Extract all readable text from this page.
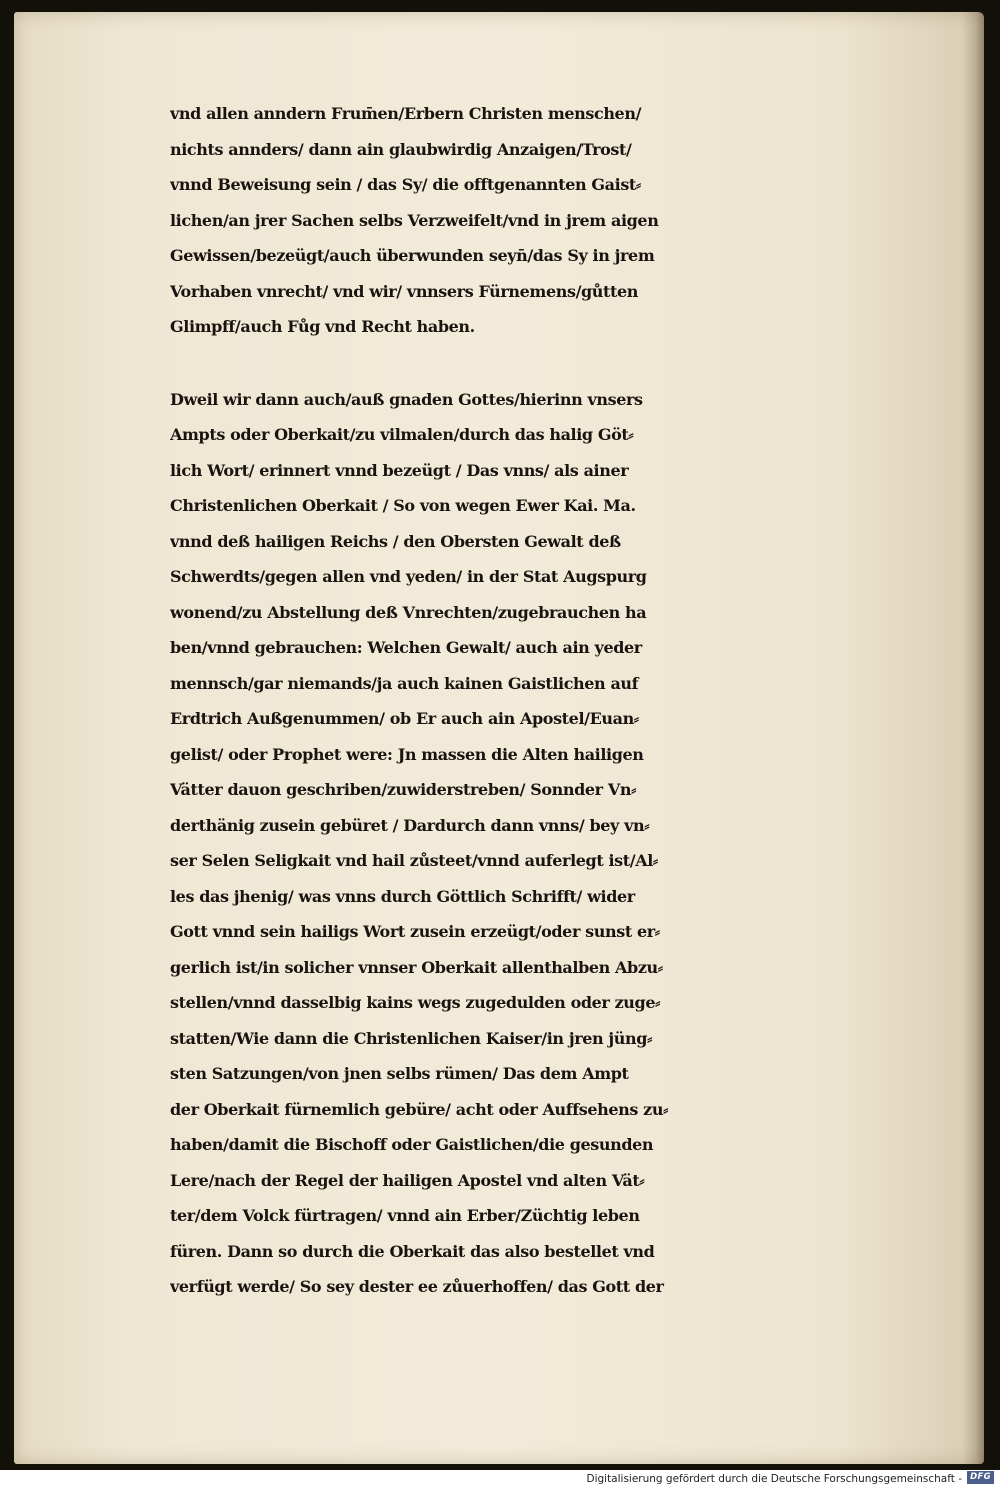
vnd allen anndern Frum̄en/Erbern Christen menschen/
nichts annders/ dann ain glaubwirdig Anzaigen/Trost/
vnnd Beweisung sein / das Sy/ die offtgenannten Gaist⸗
lichen/an jrer Sachen selbs Verzweifelt/vnd in jrem aigen
Gewissen/bezeügt/auch überwunden seyn̄/das Sy in jrem
Vorhaben vnrecht/ vnd wir/ vnnsers Fürnemens/gůtten
Glimpff/auch Fůg vnd Recht haben.
Dweil wir dann auch/auß gnaden Gottes/hierinn vnsers
Ampts oder Oberkait/zu vilmalen/durch das halig Göt⸗
lich Wort/ erinnert vnnd bezeügt / Das vnns/ als ainer
Christenlichen Oberkait / So von wegen Ewer Kai. Ma.
vnnd deß hailigen Reichs / den Obersten Gewalt deß
Schwerdts/gegen allen vnd yeden/ in der Stat Augspurg
wonend/zu Abstellung deß Vnrechten/zugebrauchen ha
ben/vnnd gebrauchen: Welchen Gewalt/ auch ain yeder
mennsch/gar niemands/ja auch kainen Gaistlichen auf
Erdtrich Außgenummen/ ob Er auch ain Apostel/Euan⸗
gelist/ oder Prophet were: Jn massen die Alten hailigen
Vätter dauon geschriben/zuwiderstreben/ Sonnder Vn⸗
derthänig zusein gebüret / Dardurch dann vnns/ bey vn⸗
ser Selen Seligkait vnd hail zůsteet/vnnd auferlegt ist/Al⸗
les das jhenig/ was vnns durch Göttlich Schrifft/ wider
Gott vnnd sein hailigs Wort zusein erzeügt/oder sunst er⸗
gerlich ist/in solicher vnnser Oberkait allenthalben Abzu⸗
stellen/vnnd dasselbig kains wegs zugedulden oder zuge⸗
statten/Wie dann die Christenlichen Kaiser/in jren jüng⸗
sten Satzungen/von jnen selbs rümen/ Das dem Ampt
der Oberkait fürnemlich gebüre/ acht oder Auffsehens zu⸗
haben/damit die Bischoff oder Gaistlichen/die gesunden
Lere/nach der Regel der hailigen Apostel vnd alten Vät⸗
ter/dem Volck fürtragen/ vnnd ain Erber/Züchtig leben
füren. Dann so durch die Oberkait das also bestellet vnd
verfügt werde/ So sey dester ee zůuerhoffen/ das Gott der
Digitalisierung gefördert durch die Deutsche Forschungsgemeinschaft - DFG
